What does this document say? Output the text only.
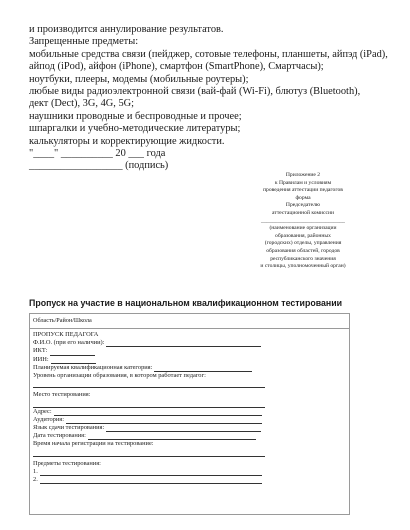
и производится аннулирование результатов.
Запрещенные предметы:
мобильные средства связи (пейджер, сотовые телефоны, планшеты, айпэд (iPad),
айпод (iPod), айфон (iPhone), смартфон (SmartPhone), Смартчасы);
ноутбуки, плееры, модемы (мобильные роутеры);
любые виды радиоэлектронной связи (вай-фай (Wi-Fi), блютуз (Bluetooth),
дект (Dect), 3G, 4G, 5G;
наушники проводные и беспроводные и прочее;
шпаргалки и учебно-методические литературы;
калькуляторы и корректирующие жидкости.
"____" __________ 20 ___ года
__________________ (подпись)
Приложение 2
к Правилам и условиям
проведения аттестации педагогов
форма
Председателю
аттестационной комиссии
______________________________
(наименование организации
образования, районных
(городских) отделы, управления
образования областей, городов
республиканского значения
и столицы, уполномоченный орган)
Пропуск на участие в национальном квалификационном тестировании
Область/Район/Школа
ПРОПУСК ПЕДАГОГА
Ф.И.О. (при его наличии):
ИКТ:
ИИН:
Планируемая квалификационная категория:
Уровень организации образования, в котором работает педагог:
Место тестирования:
Адрес:
Аудитория:
Язык сдачи тестирования:
Дата тестирования:
Время начала регистрации на тестирование:
Предметы тестирования:
1.
2.
